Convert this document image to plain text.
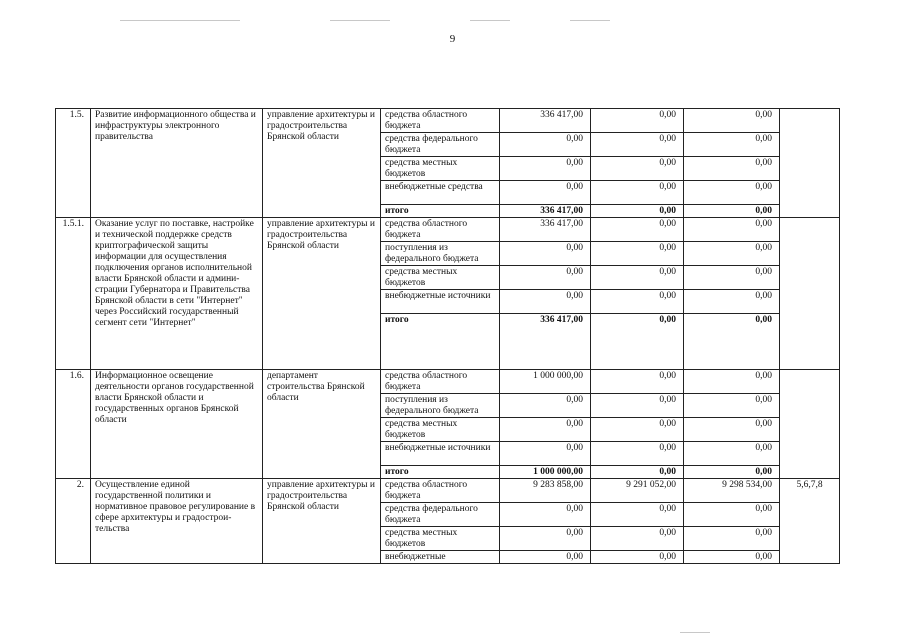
9
1.5.	Развитие информационного общества и инфраструктуры электронного правительства	управление архитектуры и градостроительства Брянской области	средства областного бюджета	336 417,00	0,00	0,00	
			средства федерального бюджета	0,00	0,00	0,00	
			средства местных бюджетов	0,00	0,00	0,00	
			внебюджетные средства	0,00	0,00	0,00	
			итого	336 417,00	0,00	0,00	
1.5.1.	Оказание услуг по поставке, настройке и технической поддержке средств криптографической защиты информации для осуществления подключения органов исполнительной власти Брянской области и админи-страции Губернатора и Правительства Брянской области в сети "Интернет" через Российский государственный сегмент сети "Интернет"	управление архитектуры и градостроительства Брянской области	средства областного бюджета	336 417,00	0,00	0,00	
			поступления из федерального бюджета	0,00	0,00	0,00	
			средства местных бюджетов	0,00	0,00	0,00	
			внебюджетные источники	0,00	0,00	0,00	
			итого	336 417,00	0,00	0,00	
1.6.	Информационное освещение деятельности органов государственной власти Брянской области и государственных органов Брянской области	департамент строительства Брянской области	средства областного бюджета	1 000 000,00	0,00	0,00	
			поступления из федерального бюджета	0,00	0,00	0,00	
			средства местных бюджетов	0,00	0,00	0,00	
			внебюджетные источники	0,00	0,00	0,00	
			итого	1 000 000,00	0,00	0,00	
2.	Осуществление единой государственной политики и нормативное правовое регулирование в сфере архитектуры и градострои-тельства	управление архитектуры и градостроительства Брянской области	средства областного бюджета	9 283 858,00	9 291 052,00	9 298 534,00	5,6,7,8
			средства федерального бюджета	0,00	0,00	0,00	
			средства местных бюджетов	0,00	0,00	0,00	
			внебюджетные	0,00	0,00	0,00	
